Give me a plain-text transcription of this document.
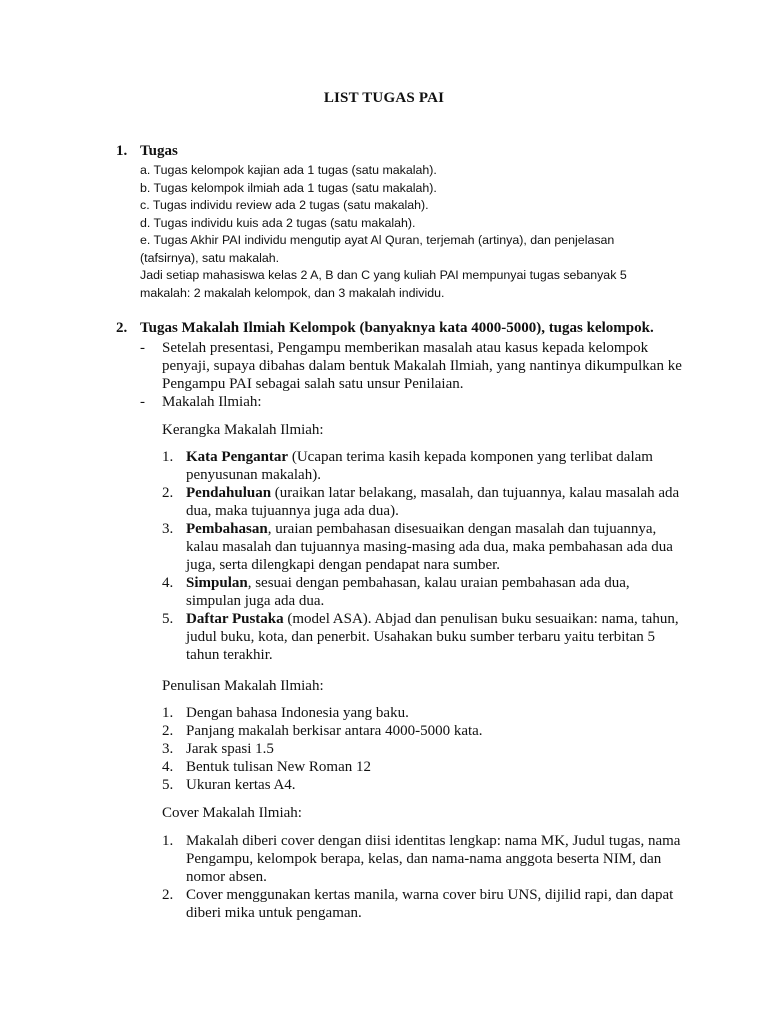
LIST TUGAS PAI
1. Tugas
a. Tugas kelompok kajian ada 1 tugas (satu makalah).
b. Tugas kelompok ilmiah ada 1 tugas (satu makalah).
c. Tugas individu review ada 2 tugas (satu makalah).
d. Tugas individu kuis ada 2 tugas (satu makalah).
e. Tugas Akhir PAI individu mengutip ayat Al Quran, terjemah (artinya), dan penjelasan
(tafsirnya), satu makalah.
Jadi setiap mahasiswa kelas 2 A, B dan C yang kuliah PAI mempunyai tugas sebanyak 5
makalah: 2 makalah kelompok, dan 3 makalah individu.
2. Tugas Makalah Ilmiah Kelompok (banyaknya kata 4000-5000), tugas kelompok.
- Setelah presentasi, Pengampu memberikan masalah atau kasus kepada kelompok penyaji, supaya dibahas dalam bentuk Makalah Ilmiah, yang nantinya dikumpulkan ke Pengampu PAI sebagai salah satu unsur Penilaian.
- Makalah Ilmiah:
Kerangka Makalah Ilmiah:
1. Kata Pengantar (Ucapan terima kasih kepada komponen yang terlibat dalam penyusunan makalah).
2. Pendahuluan (uraikan latar belakang, masalah, dan tujuannya, kalau masalah ada dua, maka tujuannya juga ada dua).
3. Pembahasan, uraian pembahasan disesuaikan dengan masalah dan tujuannya, kalau masalah dan tujuannya masing-masing ada dua, maka pembahasan ada dua juga, serta dilengkapi dengan pendapat nara sumber.
4. Simpulan, sesuai dengan pembahasan, kalau uraian pembahasan ada dua, simpulan juga ada dua.
5. Daftar Pustaka (model ASA). Abjad dan penulisan buku sesuaikan: nama, tahun, judul buku, kota, dan penerbit. Usahakan buku sumber terbaru yaitu terbitan 5 tahun terakhir.
Penulisan Makalah Ilmiah:
1. Dengan bahasa Indonesia yang baku.
2. Panjang makalah berkisar antara 4000-5000 kata.
3. Jarak spasi 1.5
4. Bentuk tulisan New Roman 12
5. Ukuran kertas A4.
Cover Makalah Ilmiah:
1. Makalah diberi cover dengan diisi identitas lengkap: nama MK, Judul tugas, nama Pengampu, kelompok berapa, kelas, dan nama-nama anggota beserta NIM, dan nomor absen.
2. Cover menggunakan kertas manila, warna cover biru UNS, dijilid rapi, dan dapat diberi mika untuk pengaman.
